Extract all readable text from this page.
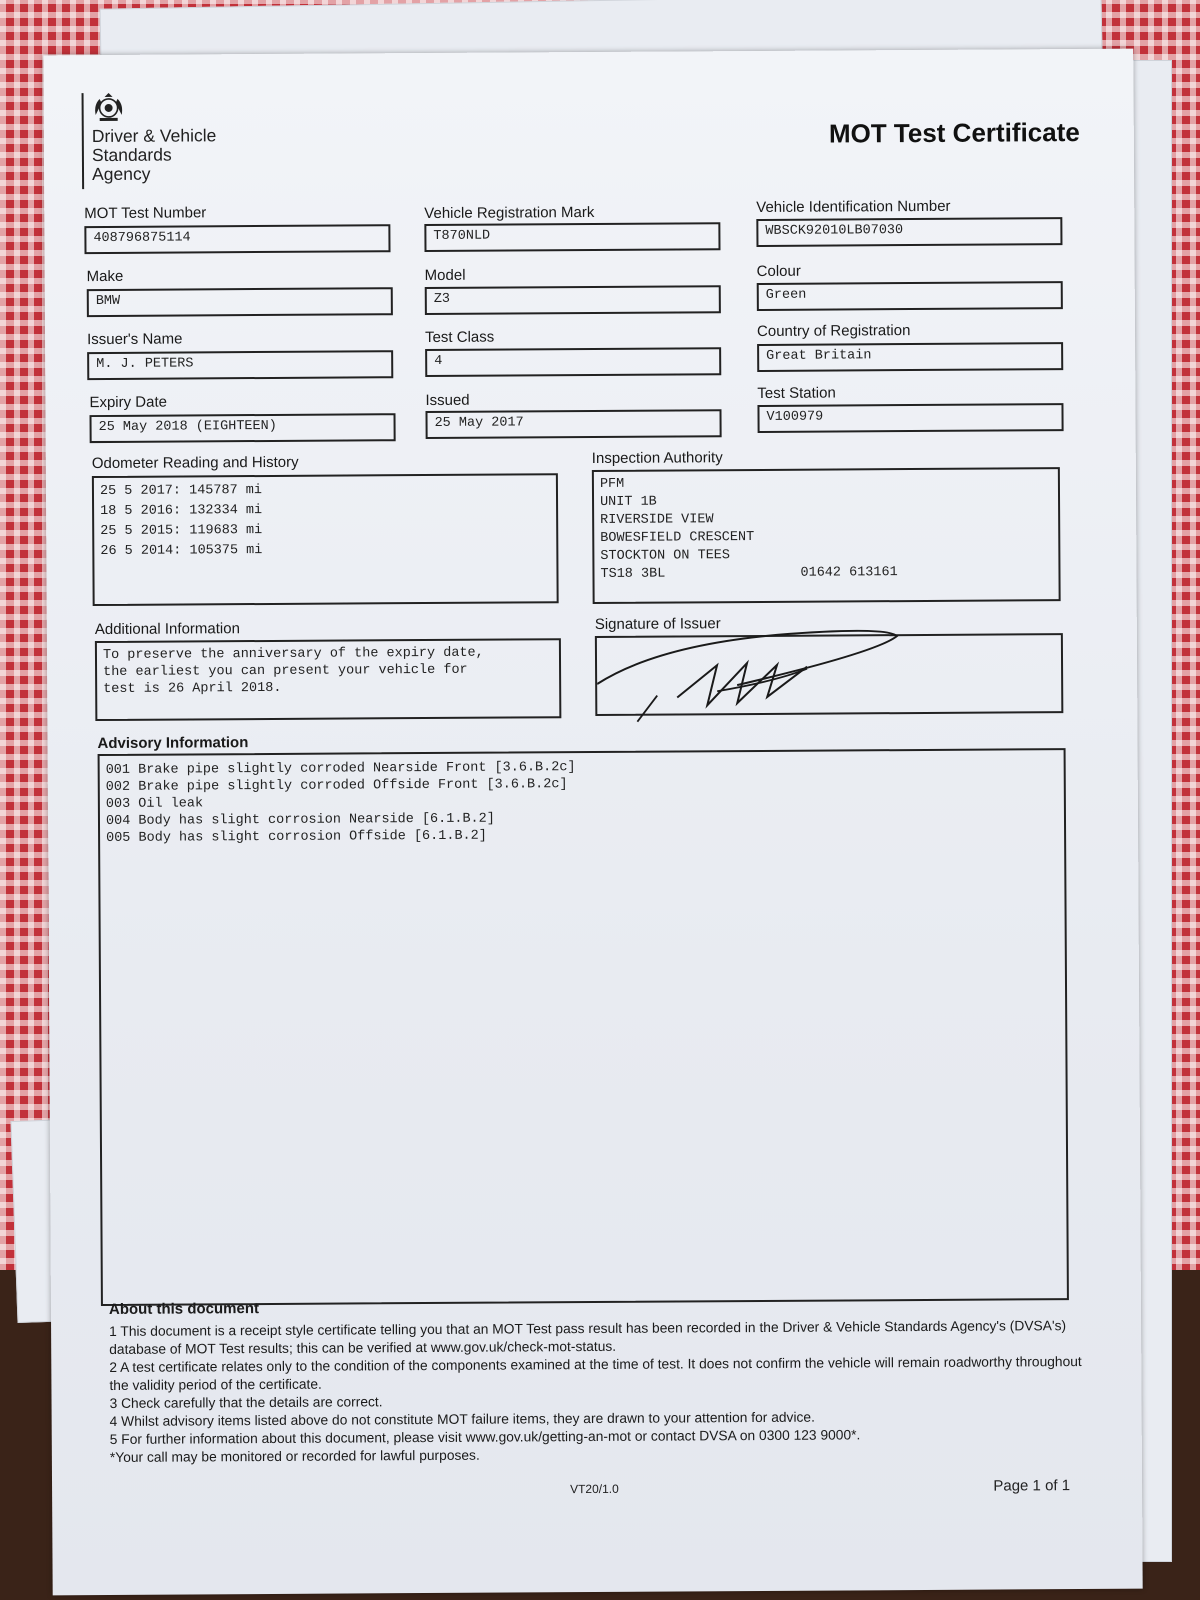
Driver & Vehicle
Standards
Agency
MOT Test Certificate
MOT Test Number
408796875114
Vehicle Registration Mark
T870NLD
Vehicle Identification Number
WBSCK92010LB07030
Make
BMW
Model
Z3
Colour
Green
Issuer's Name
M. J. PETERS
Test Class
4
Country of Registration
Great Britain
Expiry Date
25 May 2018 (EIGHTEEN)
Issued
25 May 2017
Test Station
V100979
Odometer Reading and History
25 5 2017: 145787 mi
18 5 2016: 132334 mi
25 5 2015: 119683 mi
26 5 2014: 105375 mi
Inspection Authority
PFM
UNIT 1B
RIVERSIDE VIEW
BOWESFIELD CRESCENT
STOCKTON ON TEES
TS18 3BL	01642 613161
Additional Information
To preserve the anniversary of the expiry date,
the earliest you can present your vehicle for
test is 26 April 2018.
Signature of Issuer
Advisory Information
001 Brake pipe slightly corroded Nearside Front [3.6.B.2c]
002 Brake pipe slightly corroded Offside Front [3.6.B.2c]
003 Oil leak
004 Body has slight corrosion Nearside [6.1.B.2]
005 Body has slight corrosion Offside [6.1.B.2]
About this document

1 This document is a receipt style certificate telling you that an MOT Test pass result has been recorded in the Driver & Vehicle Standards Agency's (DVSA's) database of MOT Test results; this can be verified at www.gov.uk/check-mot-status.

2 A test certificate relates only to the condition of the components examined at the time of test. It does not confirm the vehicle will remain roadworthy throughout the validity period of the certificate.

3 Check carefully that the details are correct.

4 Whilst advisory items listed above do not constitute MOT failure items, they are drawn to your attention for advice.

5 For further information about this document, please visit www.gov.uk/getting-an-mot or contact DVSA on 0300 123 9000*.

*Your call may be monitored or recorded for lawful purposes.

VT20/1.0	Page 1 of 1
